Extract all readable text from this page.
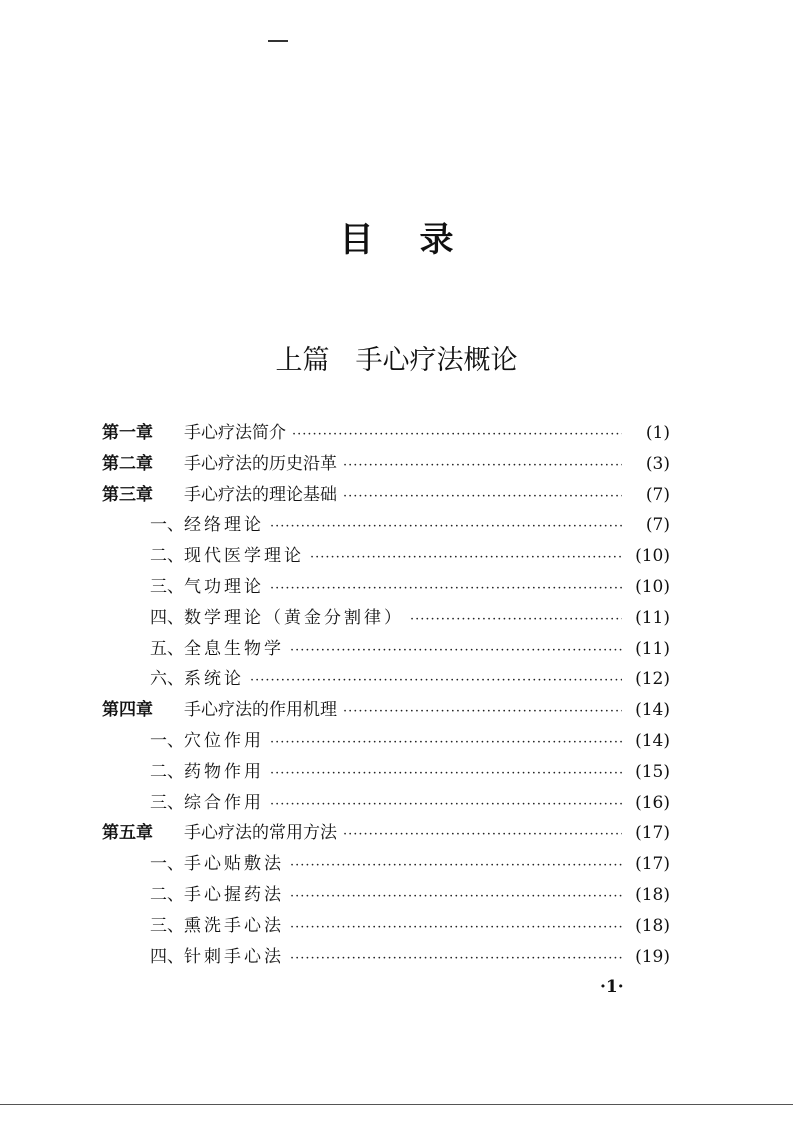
目录
上篇 手心疗法概论
第一章	手心疗法简介 ·····	(1)
第二章	手心疗法的历史沿革 ·····	(3)
第三章	手心疗法的理论基础 ·····	(7)
一、 经络理论 ·····	(7)
二、 现代医学理论 ·····	(10)
三、 气功理论 ·····	(10)
四、 数学理论（黄金分割律） ·····	(11)
五、 全息生物学 ·····	(11)
六、 系统论 ·····	(12)
第四章	手心疗法的作用机理 ·····	(14)
一、 穴位作用 ·····	(14)
二、 药物作用 ·····	(15)
三、 综合作用 ·····	(16)
第五章	手心疗法的常用方法 ·····	(17)
一、 手心贴敷法 ·····	(17)
二、 手心握药法 ·····	(18)
三、 熏洗手心法 ·····	(18)
四、 针刺手心法 ·····	(19)
·1·
